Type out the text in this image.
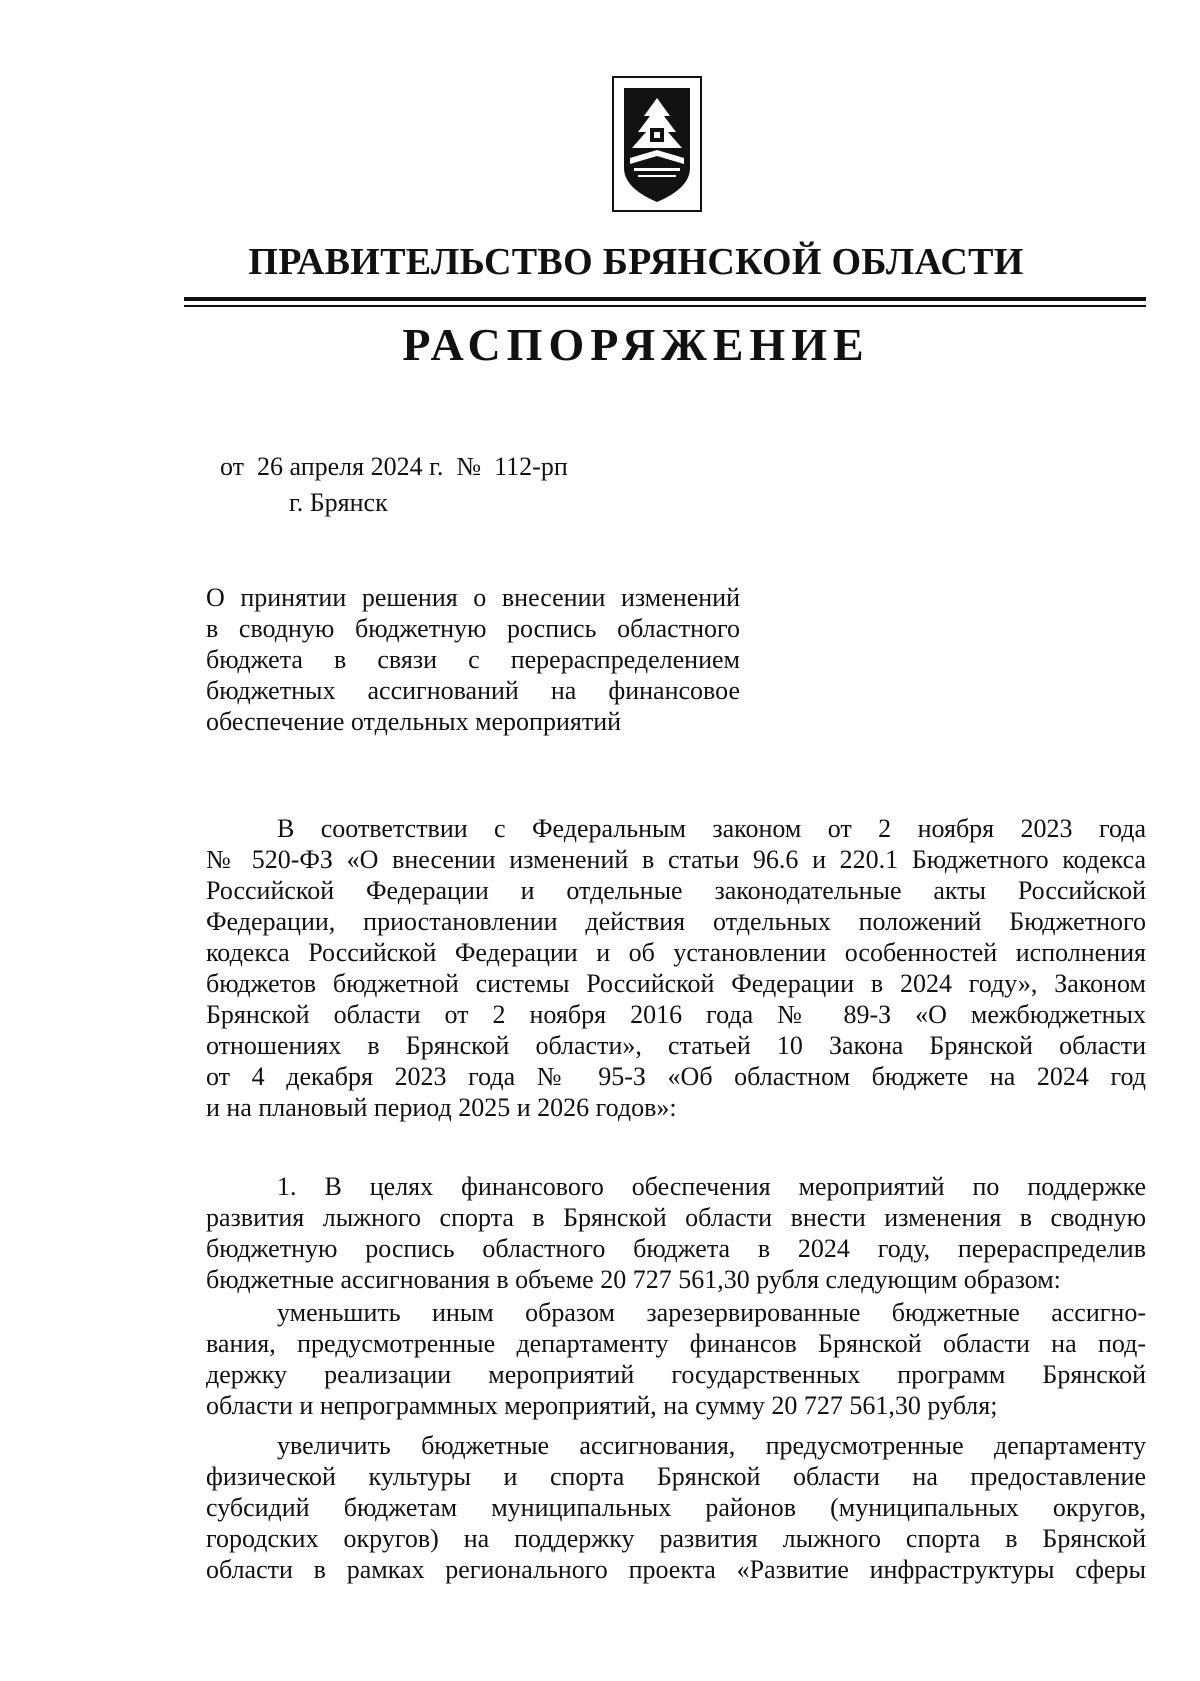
ПРАВИТЕЛЬСТВО БРЯНСКОЙ ОБЛАСТИ
РАСПОРЯЖЕНИЕ
от  26 апреля 2024 г.  №  112-рп
г. Брянск
О принятии решения о внесении изменений
в сводную бюджетную роспись областного
бюджета в связи с перераспределением
бюджетных ассигнований на финансовое
обеспечение отдельных мероприятий
В соответствии с Федеральным законом от 2 ноября 2023 года
№ 520-ФЗ «О внесении изменений в статьи 96.6 и 220.1 Бюджетного кодекса
Российской Федерации и отдельные законодательные акты Российской
Федерации, приостановлении действия отдельных положений Бюджетного
кодекса Российской Федерации и об установлении особенностей исполнения
бюджетов бюджетной системы Российской Федерации в 2024 году», Законом
Брянской области от 2 ноября 2016 года № 89-З «О межбюджетных
отношениях в Брянской области», статьей 10 Закона Брянской области
от 4 декабря 2023 года № 95-З «Об областном бюджете на 2024 год
и на плановый период 2025 и 2026 годов»:
1. В целях финансового обеспечения мероприятий по поддержке
развития лыжного спорта в Брянской области внести изменения в сводную
бюджетную роспись областного бюджета в 2024 году, перераспределив
бюджетные ассигнования в объеме 20 727 561,30 рубля следующим образом:
уменьшить иным образом зарезервированные бюджетные ассигно-
вания, предусмотренные департаменту финансов Брянской области на под-
держку реализации мероприятий государственных программ Брянской
области и непрограммных мероприятий, на сумму 20 727 561,30 рубля;
увеличить бюджетные ассигнования, предусмотренные департаменту
физической культуры и спорта Брянской области на предоставление
субсидий бюджетам муниципальных районов (муниципальных округов,
городских округов) на поддержку развития лыжного спорта в Брянской
области в рамках регионального проекта «Развитие инфраструктуры сферы
